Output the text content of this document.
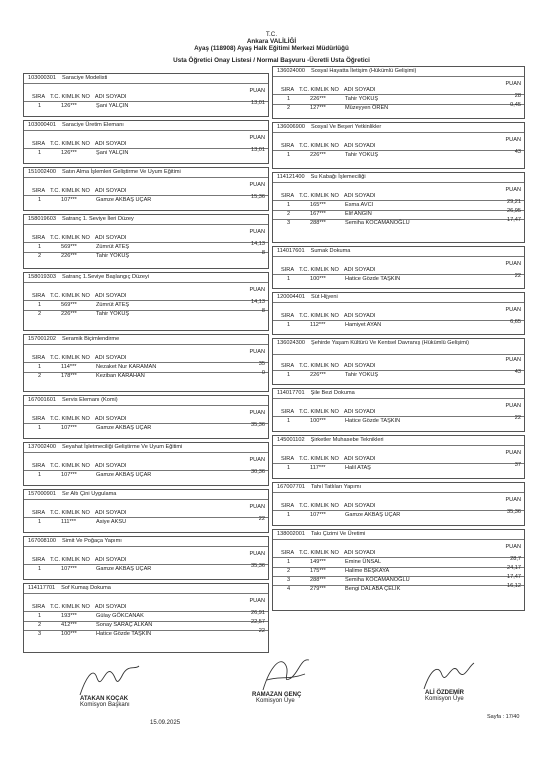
T.C.
Ankara VALİLİĞİ
Ayaş (118908) Ayaş Halk Eğitimi Merkezi Müdürlüğü
Usta Öğretici Onay Listesi / Normal Başvuru -Ücretli Usta Öğretici
103000301 Saraciye Modelisti
SIRA T.C. KIMLIK NO ADI SOYADI
PUAN
1	126***	Şani YALÇIN	13,01
103000401 Saraciye Üretim Elemanı
SIRA T.C. KIMLIK NO ADI SOYADI
PUAN
1	126***	Şani YALÇIN	13,01
151002400 Satın Alma İşlemleri Geliştirme Ve Uyum Eğitimi
SIRA T.C. KIMLIK NO ADI SOYADI
PUAN
1	107***	Gamze AKBAŞ UÇAR	15,36
158019603 Satranç 1. Seviye İleri Düzey
SIRA T.C. KIMLIK NO ADI SOYADI
PUAN
1	569***	Zümrüt ATEŞ	14,13
2	226***	Tahir YOKUŞ	8
158019303 Satranç 1.Seviye Başlangıç Düzeyi
SIRA T.C. KIMLIK NO ADI SOYADI
PUAN
1	569***	Zümrüt ATEŞ	14,13
2	226***	Tahir YOKUŞ	8
157001202 Seramik Biçimlendirme
SIRA T.C. KIMLIK NO ADI SOYADI
PUAN
1	114***	Nezaket Nur KARAMAN	35
2	178***	Keziban KARAHAN	0
167001601 Servis Elemanı (Komi)
SIRA T.C. KIMLIK NO ADI SOYADI
PUAN
1	107***	Gamze AKBAŞ UÇAR	35,36
137002400 Seyahat İşletmeciliği Geliştirme Ve Uyum Eğitimi
SIRA T.C. KIMLIK NO ADI SOYADI
PUAN
1	107***	Gamze AKBAŞ UÇAR	30,36
157000901 Sır Altı Çini Uygulama
SIRA T.C. KIMLIK NO ADI SOYADI
PUAN
1	111***	Asiye AKSU	22
167008100 Simit Ve Poğaça Yapımı
SIRA T.C. KIMLIK NO ADI SOYADI
PUAN
1	107***	Gamze AKBAŞ UÇAR	35,36
114117701 Sof Kumaş Dokuma
SIRA T.C. KIMLIK NO ADI SOYADI
PUAN
1	193***	Gülay GÖKCANAK	26,91
2	412***	Sonay SARAÇ ALKAN	22,57
3	100***	Hatice Gözde TAŞKIN	22
136024000 Sosyal Hayatta İletişim (Hükümlü Gelişimi)
SIRA T.C. KIMLIK NO ADI SOYADI
PUAN
1	226***	Tahir YOKUŞ	28
2	127***	Müzeyyen ÖREN	0,45
136006900 Sosyal Ve Beşeri Yetkinlikler
SIRA T.C. KIMLIK NO ADI SOYADI
PUAN
1	226***	Tahir YOKUŞ	43
114121400 Su Kabağı İşlemeciliği
SIRA T.C. KIMLIK NO ADI SOYADI
PUAN
1	165***	Esma AVCI	29,21
2	167***	Elif ANGIN	26,95
3	288***	Semiha KOCAMANOĞLU	17,47
114017601 Sumak Dokuma
SIRA T.C. KIMLIK NO ADI SOYADI
PUAN
1	100***	Hatice Gözde TAŞKIN	22
120004401 Süt Hijyeni
SIRA T.C. KIMLIK NO ADI SOYADI
PUAN
1	112***	Hamiyet AYAN	6,65
136024300 Şehirde Yaşam Kültürü Ve Kentsel Davranış (Hükümlü Gelişimi)
SIRA T.C. KIMLIK NO ADI SOYADI
PUAN
1	226***	Tahir YOKUŞ	43
114017701 Şile Bezi Dokuma
SIRA T.C. KIMLIK NO ADI SOYADI
PUAN
1	100***	Hatice Gözde TAŞKIN	22
145001102 Şirketler Muhasebe Teknikleri
SIRA T.C. KIMLIK NO ADI SOYADI
PUAN
1	117***	Halil ATAŞ	37
167007701 Tahıl Tatlıları Yapımı
SIRA T.C. KIMLIK NO ADI SOYADI
PUAN
1	107***	Gamze AKBAŞ UÇAR	35,36
138002001 Takı Çizimi Ve Üretimi
SIRA T.C. KIMLIK NO ADI SOYADI
PUAN
1	149***	Emine ÜNSAL	28,7
2	175***	Halime BEŞKAYA	24,17
3	288***	Semiha KOCAMANOĞLU	17,47
4	279***	Bengi DALABA ÇELİK	16,12
ATAKAN KOÇAK
Komisyon Başkanı
RAMAZAN GENÇ
Komisyon Üye
ALİ ÖZDEMİR
Komisyon Üye
15.09.2025
Sayfa : 17/40
